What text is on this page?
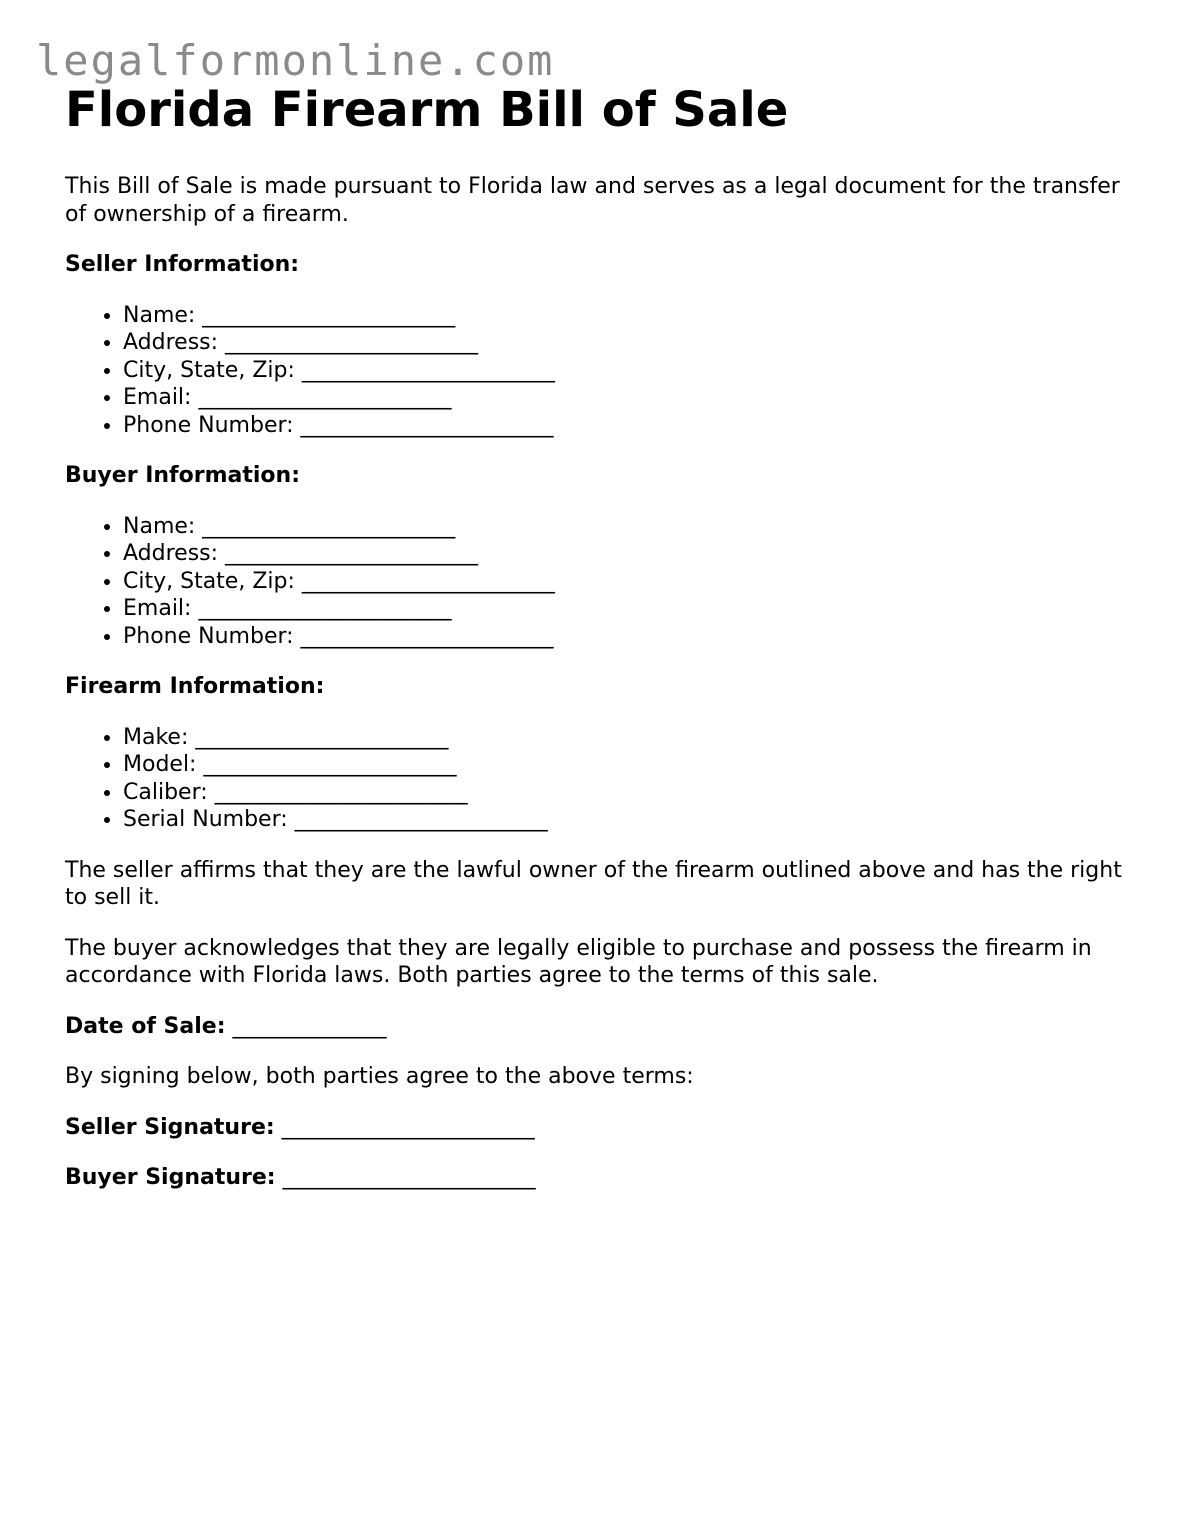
legalformonline.com
Florida Firearm Bill of Sale

This Bill of Sale is made pursuant to Florida law and serves as a legal document for the transfer of ownership of a firearm.

Seller Information:

• Name: _______________________
• Address: _______________________
• City, State, Zip: _______________________
• Email: _______________________
• Phone Number: _______________________

Buyer Information:

• Name: _______________________
• Address: _______________________
• City, State, Zip: _______________________
• Email: _______________________
• Phone Number: _______________________

Firearm Information:

• Make: _______________________
• Model: _______________________
• Caliber: _______________________
• Serial Number: _______________________

The seller affirms that they are the lawful owner of the firearm outlined above and has the right to sell it.

The buyer acknowledges that they are legally eligible to purchase and possess the firearm in accordance with Florida laws. Both parties agree to the terms of this sale.

Date of Sale: ______________

By signing below, both parties agree to the above terms:

Seller Signature: _______________________

Buyer Signature: _______________________
